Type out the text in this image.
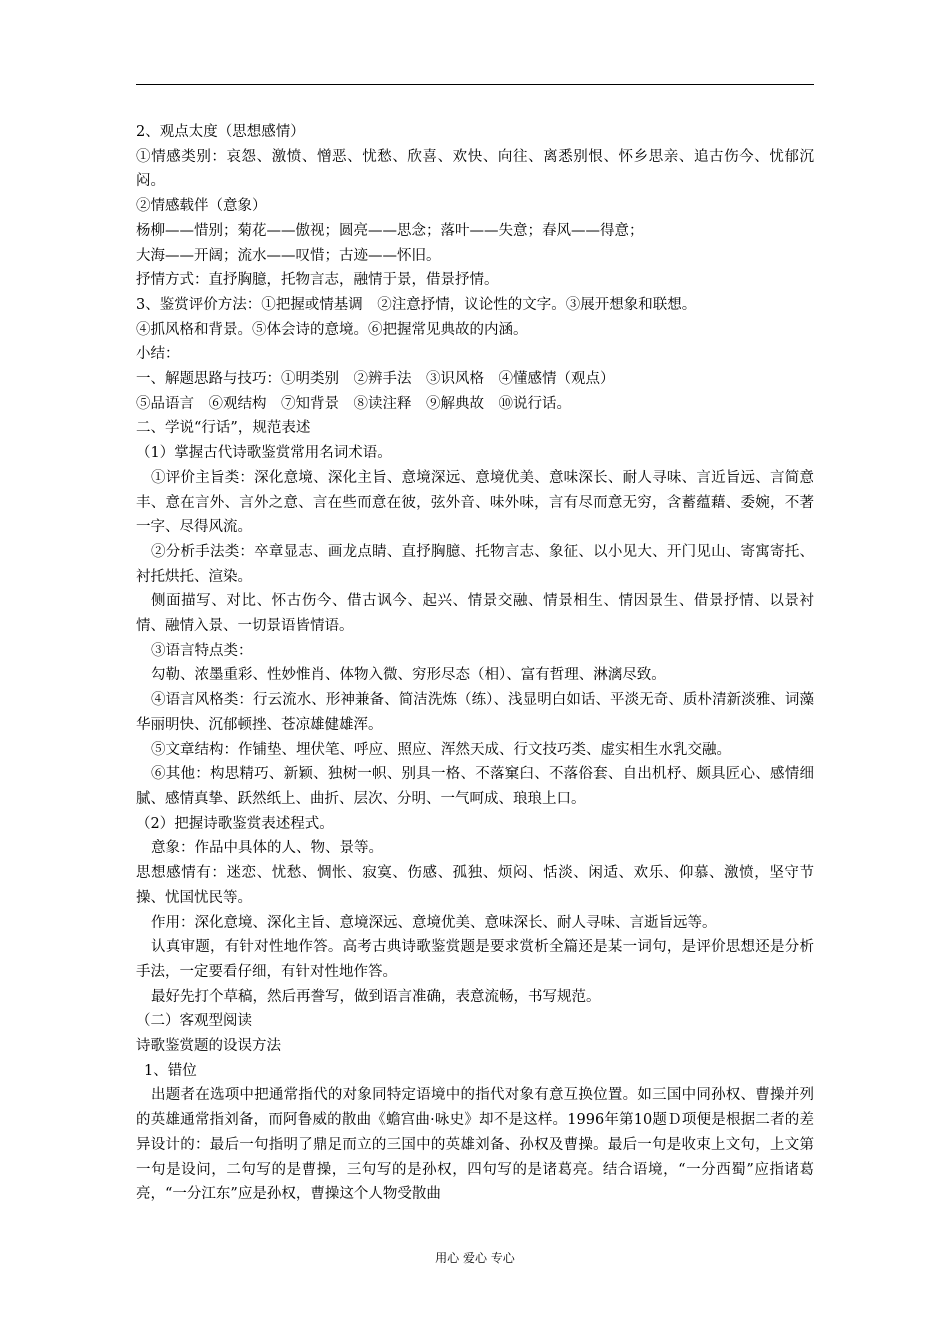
2、观点太度（思想感情）

①情感类别：哀怨、激愤、憎恶、忧愁、欣喜、欢快、向往、离悉别恨、怀乡思亲、追古伤今、忧郁沉闷。

②情感载伴（意象）

杨柳——惜别；菊花——傲视；圆亮——思念；落叶——失意；春风——得意；

大海——开阔；流水——叹惜；古迹——怀旧。

抒情方式：直抒胸臆，托物言志，融情于景，借景抒情。

3、鉴赏评价方法：①把握或情基调　②注意抒情，议论性的文字。③展开想象和联想。

④抓风格和背景。⑤体会诗的意境。⑥把握常见典故的内涵。

小结：

一、解题思路与技巧：①明类别　②辨手法　③识风格　④懂感情（观点）

⑤品语言　⑥观结构　⑦知背景　⑧读注释　⑨解典故　⑩说行话。

二、学说“行话”，规范表述

（1）掌握古代诗歌鉴赏常用名词术语。

①评价主旨类：深化意境、深化主旨、意境深远、意境优美、意味深长、耐人寻味、言近旨远、言简意丰、意在言外、言外之意、言在些而意在彼，弦外音、味外味，言有尽而意无穷，含蓄蕴藉、委婉，不著一字、尽得风流。

②分析手法类：卒章显志、画龙点睛、直抒胸臆、托物言志、象征、以小见大、开门见山、寄寓寄托、衬托烘托、渲染。

侧面描写、对比、怀古伤今、借古讽今、起兴、情景交融、情景相生、情因景生、借景抒情、以景衬情、融情入景、一切景语皆情语。

③语言特点类：

勾勒、浓墨重彩、性妙惟肖、体物入微、穷形尽态（相）、富有哲理、淋漓尽致。

④语言风格类：行云流水、形神兼备、简洁洗炼（练）、浅显明白如话、平淡无奇、质朴清新淡雅、词藻华丽明快、沉郁顿挫、苍凉雄健雄浑。

⑤文章结构：作铺垫、埋伏笔、呼应、照应、浑然天成、行文技巧类、虚实相生水乳交融。

⑥其他：构思精巧、新颖、独树一帜、别具一格、不落窠臼、不落俗套、自出机杼、颇具匠心、感情细腻、感情真挚、跃然纸上、曲折、层次、分明、一气呵成、琅琅上口。

（2）把握诗歌鉴赏表述程式。

意象：作品中具体的人、物、景等。

思想感情有：迷恋、忧愁、惆怅、寂寞、伤感、孤独、烦闷、恬淡、闲适、欢乐、仰慕、激愤，坚守节操、忧国忧民等。

作用：深化意境、深化主旨、意境深远、意境优美、意味深长、耐人寻味、言逝旨远等。

认真审题，有针对性地作答。高考古典诗歌鉴赏题是要求赏析全篇还是某一词句，是评价思想还是分析手法，一定要看仔细，有针对性地作答。

最好先打个草稿，然后再誊写，做到语言准确，表意流畅，书写规范。

（二）客观型阅读

诗歌鉴赏题的设误方法

1、错位

出题者在选项中把通常指代的对象同特定语境中的指代对象有意互换位置。如三国中同孙权、曹操并列的英雄通常指刘备，而阿鲁威的散曲《蟾宫曲·咏史》却不是这样。1996年第10题Ｄ项便是根据二者的差异设计的：最后一句指明了鼎足而立的三国中的英雄刘备、孙权及曹操。最后一句是收束上文句，上文第一句是设问，二句写的是曹操，三句写的是孙权，四句写的是诸葛亮。结合语境，“一分西蜀”应指诸葛亮，“一分江东”应是孙权，曹操这个人物受散曲

用心 爱心 专心
